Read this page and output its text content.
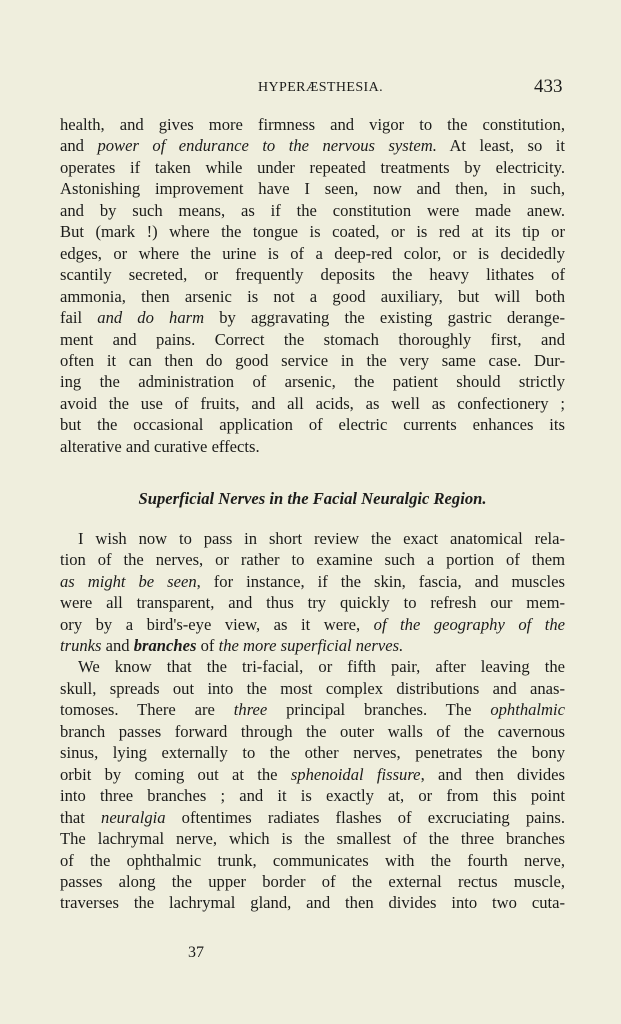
HYPERÆSTHESIA.	433

health, and gives more firmness and vigor to the constitution,

and power of endurance to the nervous system. At least, so it

operates if taken while under repeated treatments by electricity.

Astonishing improvement have I seen, now and then, in such,

and by such means, as if the constitution were made anew.

But (mark !) where the tongue is coated, or is red at its tip or

edges, or where the urine is of a deep-red color, or is decidedly

scantily secreted, or frequently deposits the heavy lithates of

ammonia, then arsenic is not a good auxiliary, but will both

fail and do harm by aggravating the existing gastric derange-

ment and pains. Correct the stomach thoroughly first, and

often it can then do good service in the very same case. Dur-

ing the administration of arsenic, the patient should strictly

avoid the use of fruits, and all acids, as well as confectionery ;

but the occasional application of electric currents enhances its

alterative and curative effects.

Superficial Nerves in the Facial Neuralgic Region.

I wish now to pass in short review the exact anatomical rela-

tion of the nerves, or rather to examine such a portion of them

as might be seen, for instance, if the skin, fascia, and muscles

were all transparent, and thus try quickly to refresh our mem-

ory by a bird's-eye view, as it were, of the geography of the

trunks and branches of the more superficial nerves.

We know that the tri-facial, or fifth pair, after leaving the

skull, spreads out into the most complex distributions and anas-

tomoses. There are three principal branches. The ophthalmic

branch passes forward through the outer walls of the cavernous

sinus, lying externally to the other nerves, penetrates the bony

orbit by coming out at the sphenoidal fissure, and then divides

into three branches ; and it is exactly at, or from this point

that neuralgia oftentimes radiates flashes of excruciating pains.

The lachrymal nerve, which is the smallest of the three branches

of the ophthalmic trunk, communicates with the fourth nerve,

passes along the upper border of the external rectus muscle,

traverses the lachrymal gland, and then divides into two cuta-

37
